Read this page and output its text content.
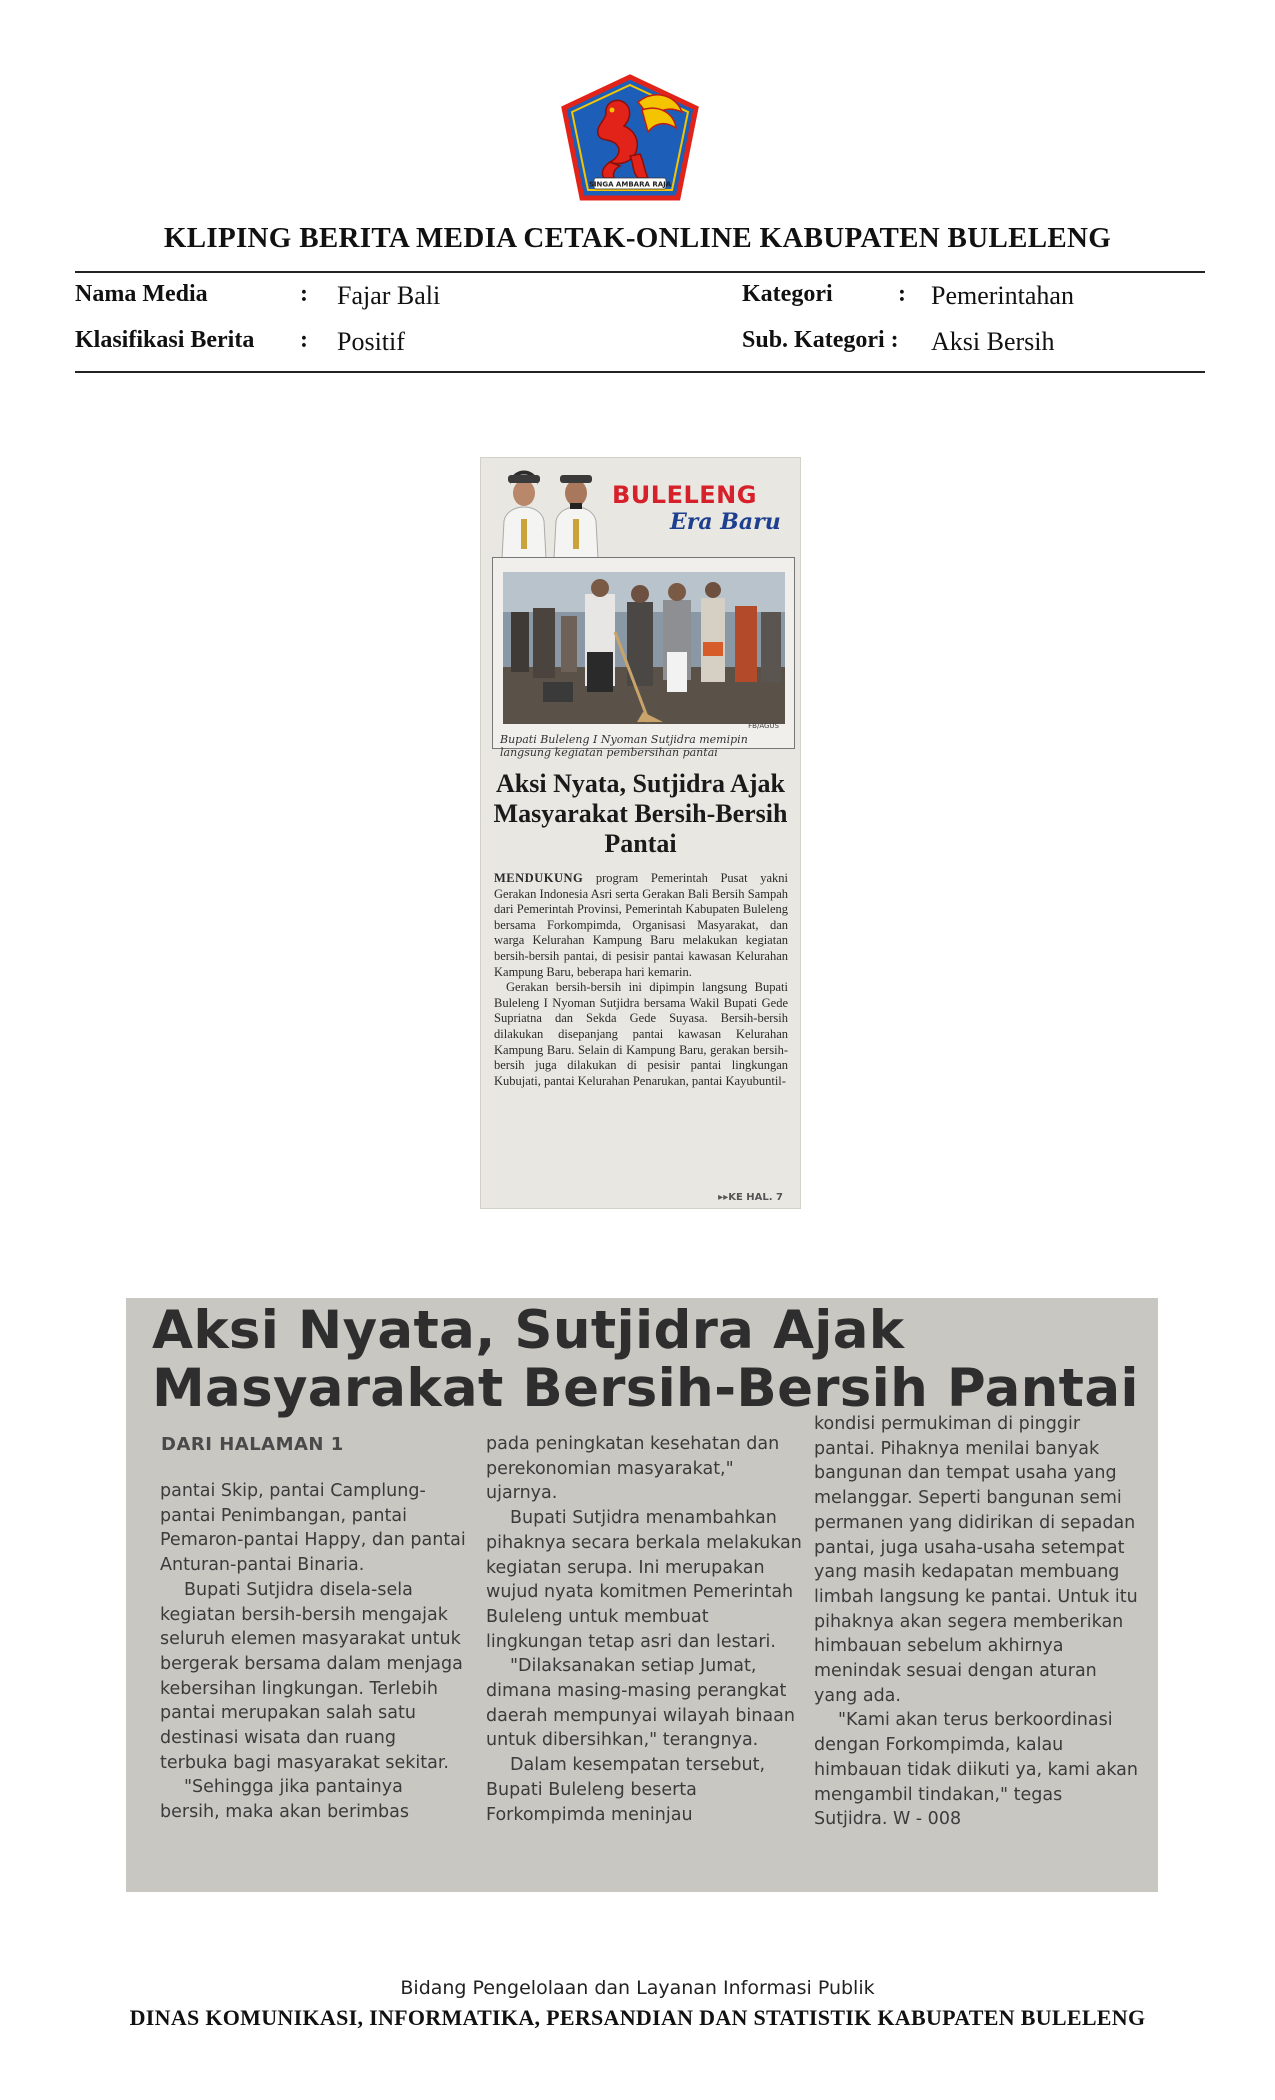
SINGA AMBARA RAJA
KLIPING BERITA MEDIA CETAK-ONLINE KABUPATEN BULELENG
Nama Media	: Fajar Bali	Kategori	: Pemerintahan
Klasifikasi Berita : Positif	Sub. Kategori : Aksi Bersih
BULELENG
Era Baru
FB/AGUS
Bupati Buleleng I Nyoman Sutjidra memipin langsung kegiatan pembersihan pantai
Aksi Nyata, Sutjidra Ajak Masyarakat Bersih-Bersih Pantai

MENDUKUNG program Pemerintah Pusat yakni Gerakan Indonesia Asri serta Gerakan Bali Bersih Sampah dari Pemerintah Provinsi, Pemerintah Kabupaten Buleleng bersama Forkompimda, Organisasi Masyarakat, dan warga Kelurahan Kampung Baru melakukan kegiatan bersih-bersih pantai, di pesisir pantai kawasan Kelurahan Kampung Baru, beberapa hari kemarin.

Gerakan bersih-bersih ini dipimpin langsung Bupati Buleleng I Nyoman Sutjidra bersama Wakil Bupati Gede Supriatna dan Sekda Gede Suyasa. Bersih-bersih dilakukan disepanjang pantai kawasan Kelurahan Kampung Baru. Selain di Kampung Baru, gerakan bersih-bersih juga dilakukan di pesisir pantai lingkungan Kubujati, pantai Kelurahan Penarukan, pantai Kayubuntil-

▸▸KE HAL. 7
Aksi Nyata, Sutjidra Ajak
Masyarakat Bersih-Bersih Pantai
DARI HALAMAN 1

pantai Skip, pantai Camplung-pantai Penimbangan, pantai Pemaron-pantai Happy, dan pantai Anturan-pantai Binaria.

Bupati Sutjidra disela-sela kegiatan bersih-bersih mengajak seluruh elemen masyarakat untuk bergerak bersama dalam menjaga kebersihan lingkungan. Terlebih pantai merupakan salah satu destinasi wisata dan ruang terbuka bagi masyarakat sekitar.

"Sehingga jika pantainya bersih, maka akan berimbas

pada peningkatan kesehatan dan perekonomian masyarakat," ujarnya.

Bupati Sutjidra menambahkan pihaknya secara berkala melakukan kegiatan serupa. Ini merupakan wujud nyata komitmen Pemerintah Buleleng untuk membuat lingkungan tetap asri dan lestari.

"Dilaksanakan setiap Jumat, dimana masing-masing perangkat daerah mempunyai wilayah binaan untuk dibersihkan," terangnya.

Dalam kesempatan tersebut, Bupati Buleleng beserta Forkompimda meninjau

kondisi permukiman di pinggir pantai. Pihaknya menilai banyak bangunan dan tempat usaha yang melanggar. Seperti bangunan semi permanen yang didirikan di sepadan pantai, juga usaha-usaha setempat yang masih kedapatan membuang limbah langsung ke pantai. Untuk itu pihaknya akan segera memberikan himbauan sebelum akhirnya menindak sesuai dengan aturan yang ada.

"Kami akan terus berkoordinasi dengan Forkompimda, kalau himbauan tidak diikuti ya, kami akan mengambil tindakan," tegas Sutjidra. W - 008

Bidang Pengelolaan dan Layanan Informasi Publik
DINAS KOMUNIKASI, INFORMATIKA, PERSANDIAN DAN STATISTIK KABUPATEN BULELENG
